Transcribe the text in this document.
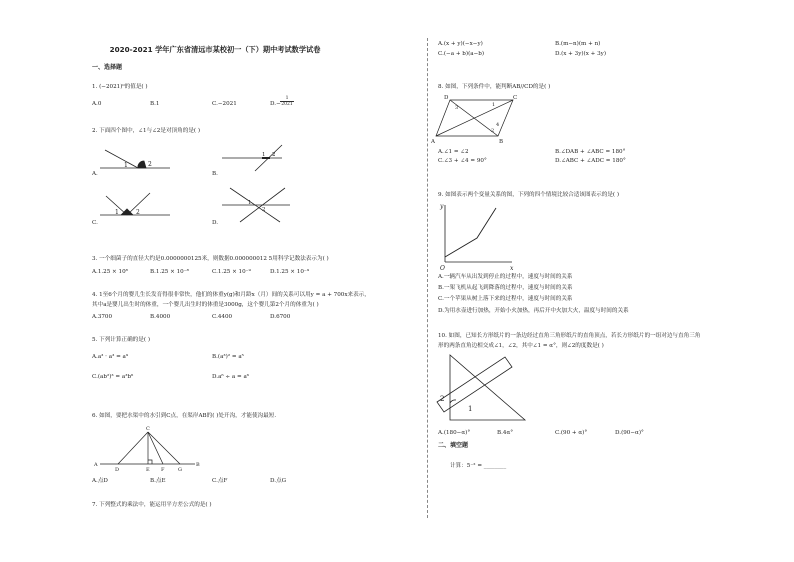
2020-2021 学年广东省清远市某校初一（下）期中考试数学试卷
一、选择题
1. (−2021)⁰的值是( )
A.0	B.1	C.−2021	$D.- \frac{1}{2021}$
2. 下面四个图中，∠1与∠2是对顶角的是( )
A.	B.
C.	D.
1	2
1 2
1	2
1
2
3. 一个细菌子的直径大约是0.0000000125米，则数据0.000000012 5用科学记数法表示为( )
A.1.25 × 10⁸	B.1.25 × 10⁻⁸	C.1.25 × 10⁻⁹	D.1.25 × 10⁻⁹
4. 1至6个月的婴儿生长发育得很非常快，他们的体重y(g)和月龄x（月）间的关系可以用y = a + 700x来表示，
其中a是婴儿出生时的体重，一个婴儿出生时的体重是3000g，这个婴儿第2个月的体重为( )
A.3700	B.4000	C.4400	D.6700
5. 下列计算正确的是( )
A.a³ · a³ = a⁹	B.(a³)² = a⁵
C.(ab²)³ = a³b⁶	D.a⁶ ÷ a = a⁶
6. 如图，要把水渠中的水引到C点，在渠岸AB的( )处开沟，才能使沟最短．
C
A
D	E F	G
B
A.点D	B.点E	C.点F	D.点G
7. 下列整式的乘法中，能运用平方差公式的是( )
A.(x + y)(−x−y)	B.(m−n)(m + n)
C.(−a + b)(a−b)	D.(x + 3y)(x + 3y)
8. 如图，下列条件中，能判断AB//CD的是( )
D	C
A	B
1
2
3
4
A.∠1 = ∠2	B.∠DAB + ∠ABC = 180°
C.∠3 + ∠4 = 90°	D.∠ABC + ∠ADC = 180°
9. 如图表示两个变量关系的图，下列的四个情境比较合适该图表示的是( )
y
x
O
A.一辆汽车从出发到停止的过程中，速度与时间的关系
B.一架飞机从起飞到降落的过程中，速度与时间的关系
C.一个苹果从树上落下来的过程中，速度与时间的关系
D.为用水壶进行加热，开始小火加热，再后开中火加大火，温度与时间的关系
10. 如图，已知长方形纸片的一条边经过直角三角形纸片的直角顶点，若长方形纸片的一组对边与直角三角
形的两条直角边相交成∠1，∠2，其中∠1 = α°，则∠2的度数是( )
2
1
A.(180−α)°	B.4α°	C.(90 + α)°	D.(90−α)°
二、填空题
计算：5⁻² = ________
